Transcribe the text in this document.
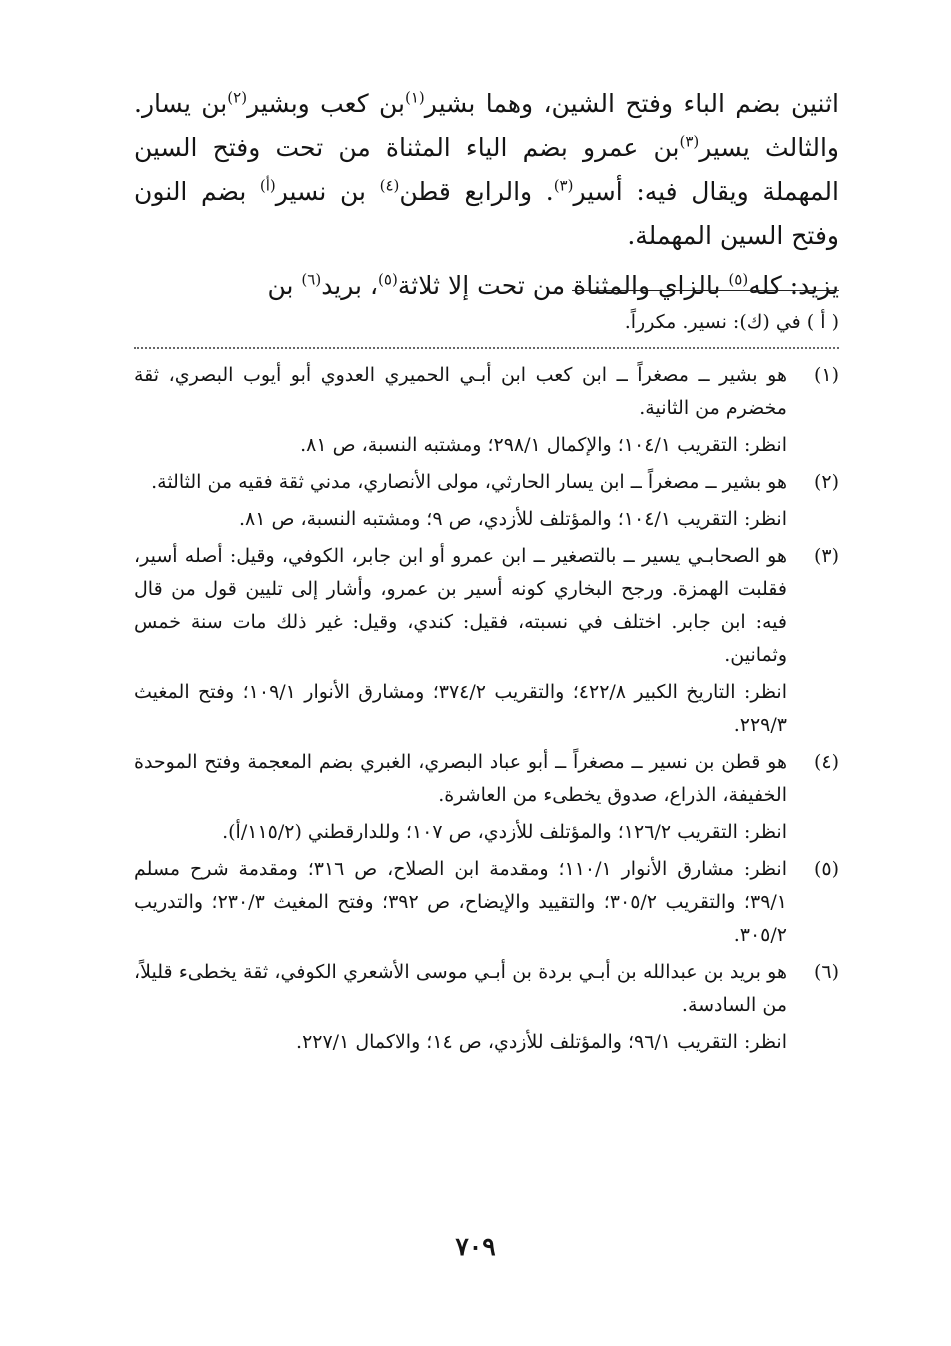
اثنين بضم الباء وفتح الشين، وهما بشير$^{(١)}$بن كعب وبشير$^{(٢)}$بن يسار. والثالث يسير$^{(٣)}$بن عمرو بضم الياء المثناة من تحت وفتح السين المهملة ويقال فيه: أسير$^{(٣)}$. والرابع قطن$^{(٤)}$ بن نسير$^{(أ)}$ بضم النون وفتح السين المهملة.

يزيد: كله$^{(٥)}$ بالزاي والمثناة من تحت إلا ثلاثة$^{(٥)}$، بريد$^{(٦)}$ بن

( أ ) في (ك): نسير. مكرراً.

(١)

هو بشير ــ مصغراً ــ ابن كعب ابن أبـي الحميري العدوي أبو أيوب البصري، ثقة مخضرم من الثانية.

انظر: التقريب ١٠٤/١؛ والإكمال ٢٩٨/١؛ ومشتبه النسبة، ص ٨١.

(٢)

هو بشير ــ مصغراً ــ ابن يسار الحارثي، مولى الأنصاري، مدني ثقة فقيه من الثالثة.

انظر: التقريب ١٠٤/١؛ والمؤتلف للأزدي، ص ٩؛ ومشتبه النسبة، ص ٨١.

(٣)

هو الصحابـي يسير ــ بالتصغير ــ ابن عمرو أو ابن جابر، الكوفي، وقيل: أصله أسير، فقلبت الهمزة. ورجح البخاري كونه أسير بن عمرو، وأشار إلى تليين قول من قال فيه: ابن جابر. اختلف في نسبته، فقيل: كندي، وقيل: غير ذلك مات سنة خمس وثمانين.

انظر: التاريخ الكبير ٤٢٢/٨؛ والتقريب ٣٧٤/٢؛ ومشارق الأنوار ١٠٩/١؛ وفتح المغيث ٢٢٩/٣.

(٤)

هو قطن بن نسير ــ مصغراً ــ أبو عباد البصري، الغبري بضم المعجمة وفتح الموحدة الخفيفة، الذراع، صدوق يخطىء من العاشرة.

انظر: التقريب ١٢٦/٢؛ والمؤتلف للأزدي، ص ١٠٧؛ وللدارقطني (١١٥/٢/أ).

(٥)

انظر: مشارق الأنوار ١١٠/١؛ ومقدمة ابن الصلاح، ص ٣١٦؛ ومقدمة شرح مسلم ٣٩/١؛ والتقريب ٣٠٥/٢؛ والتقييد والإيضاح، ص ٣٩٢؛ وفتح المغيث ٢٣٠/٣؛ والتدريب ٣٠٥/٢.

(٦)

هو بريد بن عبدالله بن أبـي بردة بن أبـي موسى الأشعري الكوفي، ثقة يخطىء قليلاً، من السادسة.

انظر: التقريب ٩٦/١؛ والمؤتلف للأزدي، ص ١٤؛ والاكمال ٢٢٧/١.

٧٠٩
